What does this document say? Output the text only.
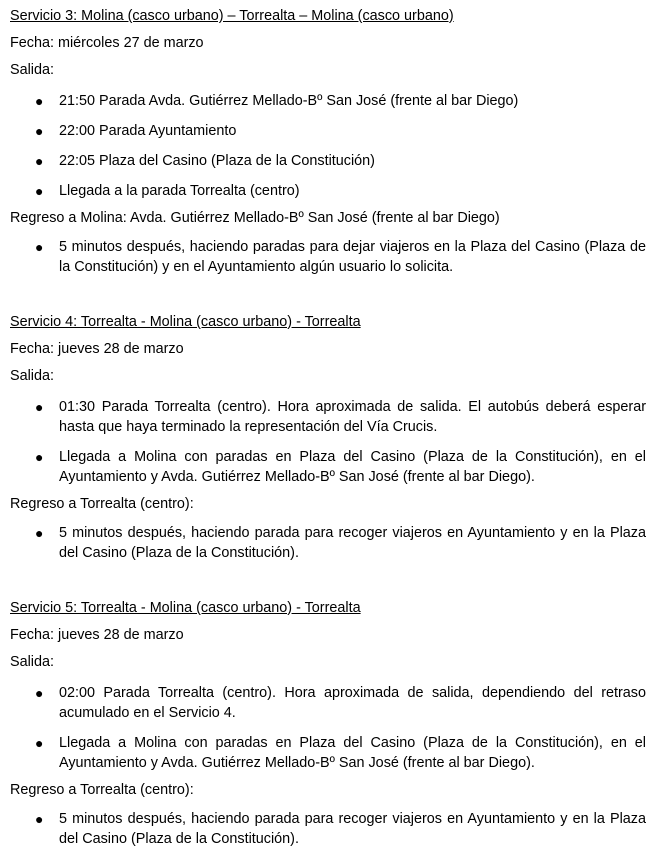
Servicio 3: Molina (casco urbano) – Torrealta – Molina (casco urbano)

Fecha: miércoles 27 de marzo

Salida:

● 21:50 Parada Avda. Gutiérrez Mellado-Bº San José (frente al bar Diego)
● 22:00 Parada Ayuntamiento
● 22:05 Plaza del Casino (Plaza de la Constitución)
● Llegada a la parada Torrealta (centro)

Regreso a Molina: Avda. Gutiérrez Mellado-Bº San José (frente al bar Diego)

● 5 minutos después, haciendo paradas para dejar viajeros en la Plaza del Casino (Plaza de la Constitución) y en el Ayuntamiento algún usuario lo solicita.

Servicio 4: Torrealta - Molina (casco urbano) - Torrealta

Fecha: jueves 28 de marzo

Salida:

● 01:30 Parada Torrealta (centro). Hora aproximada de salida. El autobús deberá esperar hasta que haya terminado la representación del Vía Crucis.
● Llegada a Molina con paradas en Plaza del Casino (Plaza de la Constitución), en el Ayuntamiento y Avda. Gutiérrez Mellado-Bº San José (frente al bar Diego).

Regreso a Torrealta (centro):

● 5 minutos después, haciendo parada para recoger viajeros en Ayuntamiento y en la Plaza del Casino (Plaza de la Constitución).

Servicio 5: Torrealta - Molina (casco urbano) - Torrealta

Fecha: jueves 28 de marzo

Salida:

● 02:00 Parada Torrealta (centro). Hora aproximada de salida, dependiendo del retraso acumulado en el Servicio 4.
● Llegada a Molina con paradas en Plaza del Casino (Plaza de la Constitución), en el Ayuntamiento y Avda. Gutiérrez Mellado-Bº San José (frente al bar Diego).

Regreso a Torrealta (centro):

● 5 minutos después, haciendo parada para recoger viajeros en Ayuntamiento y en la Plaza del Casino (Plaza de la Constitución).
